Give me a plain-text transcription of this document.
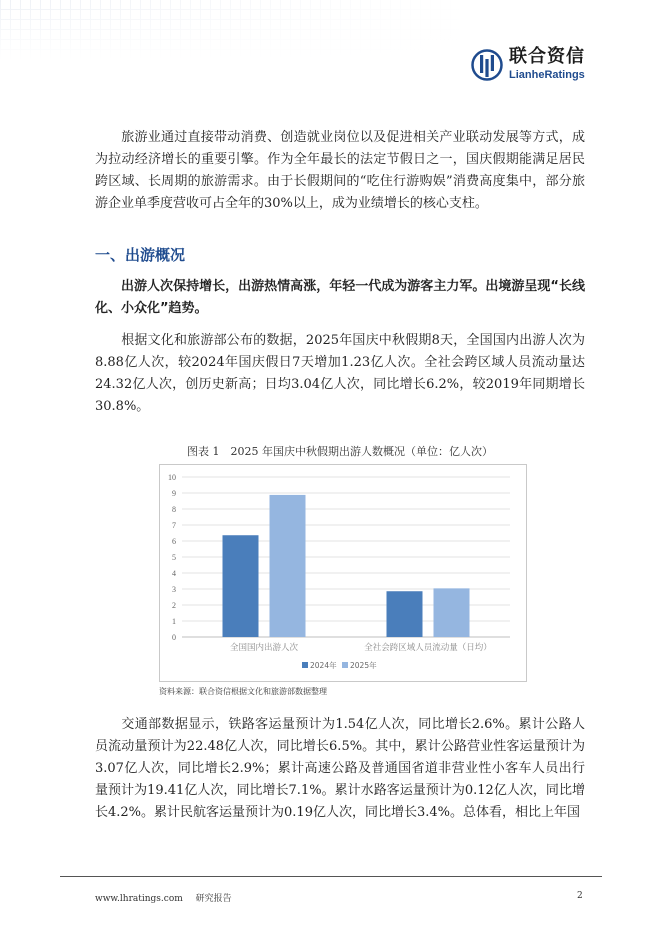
联合资信
LianheRatings

旅游业通过直接带动消费、创造就业岗位以及促进相关产业联动发展等方式，成为拉动经济增长的重要引擎。作为全年最长的法定节假日之一，国庆假期能满足居民跨区域、长周期的旅游需求。由于长假期间的“吃住行游购娱”消费高度集中，部分旅游企业单季度营收可占全年的30%以上，成为业绩增长的核心支柱。

一、出游概况

出游人次保持增长，出游热情高涨，年轻一代成为游客主力军。出境游呈现“长线化、小众化”趋势。

根据文化和旅游部公布的数据，2025年国庆中秋假期8天，全国国内出游人次为8.88亿人次，较2024年国庆假日7天增加1.23亿人次。全社会跨区域人员流动量达24.32亿人次，创历史新高；日均3.04亿人次，同比增长6.2%，较2019年同期增长30.8%。

图表 1　2025 年国庆中秋假期出游人数概况（单位：亿人次）
0
1
2
3
4
5
6
7
8
9
10
全国国内出游人次	全社会跨区域人员流动量（日均）
2024年 2025年
资料来源：联合资信根据文化和旅游部数据整理

交通部数据显示，铁路客运量预计为1.54亿人次，同比增长2.6%。累计公路人员流动量预计为22.48亿人次，同比增长6.5%。其中，累计公路营业性客运量预计为3.07亿人次，同比增长2.9%；累计高速公路及普通国省道非营业性小客车人员出行量预计为19.41亿人次，同比增长7.1%。累计水路客运量预计为0.12亿人次，同比增长4.2%。累计民航客运量预计为0.19亿人次，同比增长3.4%。总体看，相比上年国

www.lhratings.com 研究报告	2
